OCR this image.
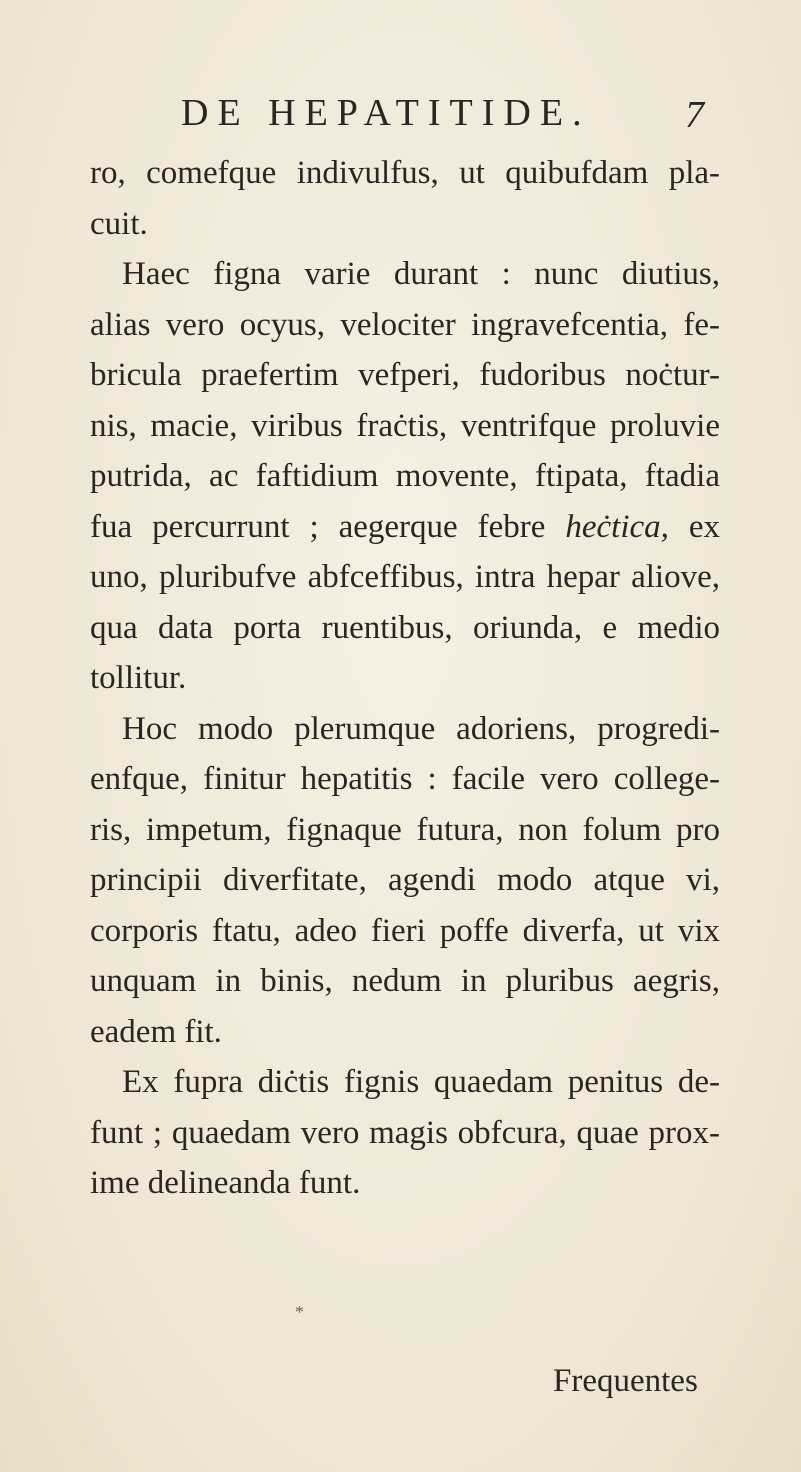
DE HEPATITIDE. 7
ro, comefque indivulfus, ut quibufdam pla-
cuit.
Haec figna varie durant : nunc diutius,
alias vero ocyus, velociter ingravefcentia, fe-
bricula praefertim vefperi, fudoribus noċtur-
nis, macie, viribus fraċtis, ventrifque proluvie
putrida, ac faftidium movente, ftipata, ftadia
fua percurrunt ; aegerque febre heċtica, ex
uno, pluribufve abfceffibus, intra hepar aliove,
qua data porta ruentibus, oriunda, e medio
tollitur.
Hoc modo plerumque adoriens, progredi-
enfque, finitur hepatitis : facile vero college-
ris, impetum, fignaque futura, non folum pro
principii diverfitate, agendi modo atque vi,
corporis ftatu, adeo fieri poffe diverfa, ut vix
unquam in binis, nedum in pluribus aegris,
eadem fit.
Ex fupra diċtis fignis quaedam penitus de-
funt ; quaedam vero magis obfcura, quae prox-
ime delineanda funt.
*
Frequentes
